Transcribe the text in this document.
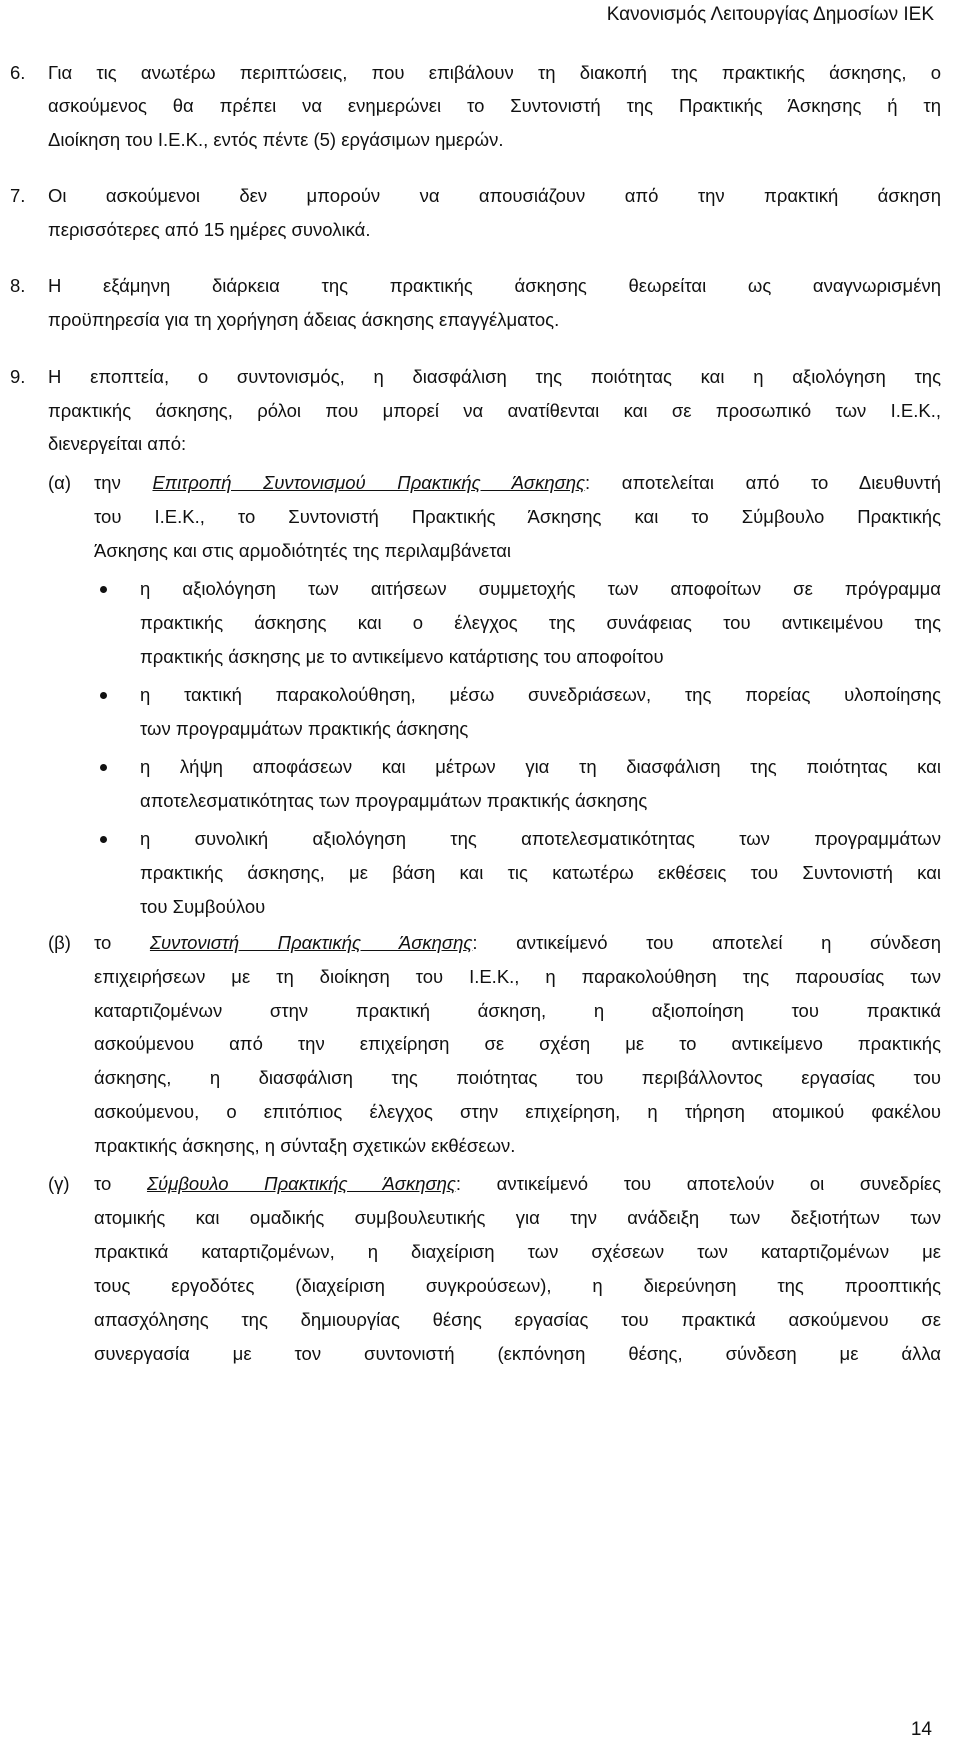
Κανονισμός Λειτουργίας Δημοσίων ΙΕΚ
6. Για τις ανωτέρω περιπτώσεις, που επιβάλουν τη διακοπή της πρακτικής άσκησης, ο
ασκούμενος θα πρέπει να ενημερώνει το Συντονιστή της Πρακτικής Άσκησης ή τη
Διοίκηση του Ι.Ε.Κ., εντός πέντε (5) εργάσιμων ημερών.
7. Οι ασκούμενοι δεν μπορούν να απουσιάζουν από την πρακτική άσκηση
περισσότερες από 15 ημέρες συνολικά.
8. Η εξάμηνη διάρκεια της πρακτικής άσκησης θεωρείται ως αναγνωρισμένη
προϋπηρεσία για τη χορήγηση άδειας άσκησης επαγγέλματος.
9. Η εποπτεία, ο συντονισμός, η διασφάλιση της ποιότητας και η αξιολόγηση της
πρακτικής άσκησης, ρόλοι που μπορεί να ανατίθενται και σε προσωπικό των Ι.Ε.Κ.,
διενεργείται από:
(α) την Επιτροπή Συντονισμού Πρακτικής Άσκησης: αποτελείται από το Διευθυντή
του Ι.Ε.Κ., το Συντονιστή Πρακτικής Άσκησης και το Σύμβουλο Πρακτικής
Άσκησης και στις αρμοδιότητές της περιλαμβάνεται
η αξιολόγηση των αιτήσεων συμμετοχής των αποφοίτων σε πρόγραμμα
πρακτικής άσκησης και ο έλεγχος της συνάφειας του αντικειμένου της
πρακτικής άσκησης με το αντικείμενο κατάρτισης του αποφοίτου
η τακτική παρακολούθηση, μέσω συνεδριάσεων, της πορείας υλοποίησης
των προγραμμάτων πρακτικής άσκησης
η λήψη αποφάσεων και μέτρων για τη διασφάλιση της ποιότητας και
αποτελεσματικότητας των προγραμμάτων πρακτικής άσκησης
η συνολική αξιολόγηση της αποτελεσματικότητας των προγραμμάτων
πρακτικής άσκησης, με βάση και τις κατωτέρω εκθέσεις του Συντονιστή και
του Συμβούλου
(β) το Συντονιστή Πρακτικής Άσκησης: αντικείμενό του αποτελεί η σύνδεση
επιχειρήσεων με τη διοίκηση του Ι.Ε.Κ., η παρακολούθηση της παρουσίας των
καταρτιζομένων στην πρακτική άσκηση, η αξιοποίηση του πρακτικά
ασκούμενου από την επιχείρηση σε σχέση με το αντικείμενο πρακτικής
άσκησης, η διασφάλιση της ποιότητας του περιβάλλοντος εργασίας του
ασκούμενου, ο επιτόπιος έλεγχος στην επιχείρηση, η τήρηση ατομικού φακέλου
πρακτικής άσκησης, η σύνταξη σχετικών εκθέσεων.
(γ) το Σύμβουλο Πρακτικής Άσκησης: αντικείμενό του αποτελούν οι συνεδρίες
ατομικής και ομαδικής συμβουλευτικής για την ανάδειξη των δεξιοτήτων των
πρακτικά καταρτιζομένων, η διαχείριση των σχέσεων των καταρτιζομένων με
τους εργοδότες (διαχείριση συγκρούσεων), η διερεύνηση της προοπτικής
απασχόλησης της δημιουργίας θέσης εργασίας του πρακτικά ασκούμενου σε
συνεργασία με τον συντονιστή (εκπόνηση θέσης, σύνδεση με άλλα
14
